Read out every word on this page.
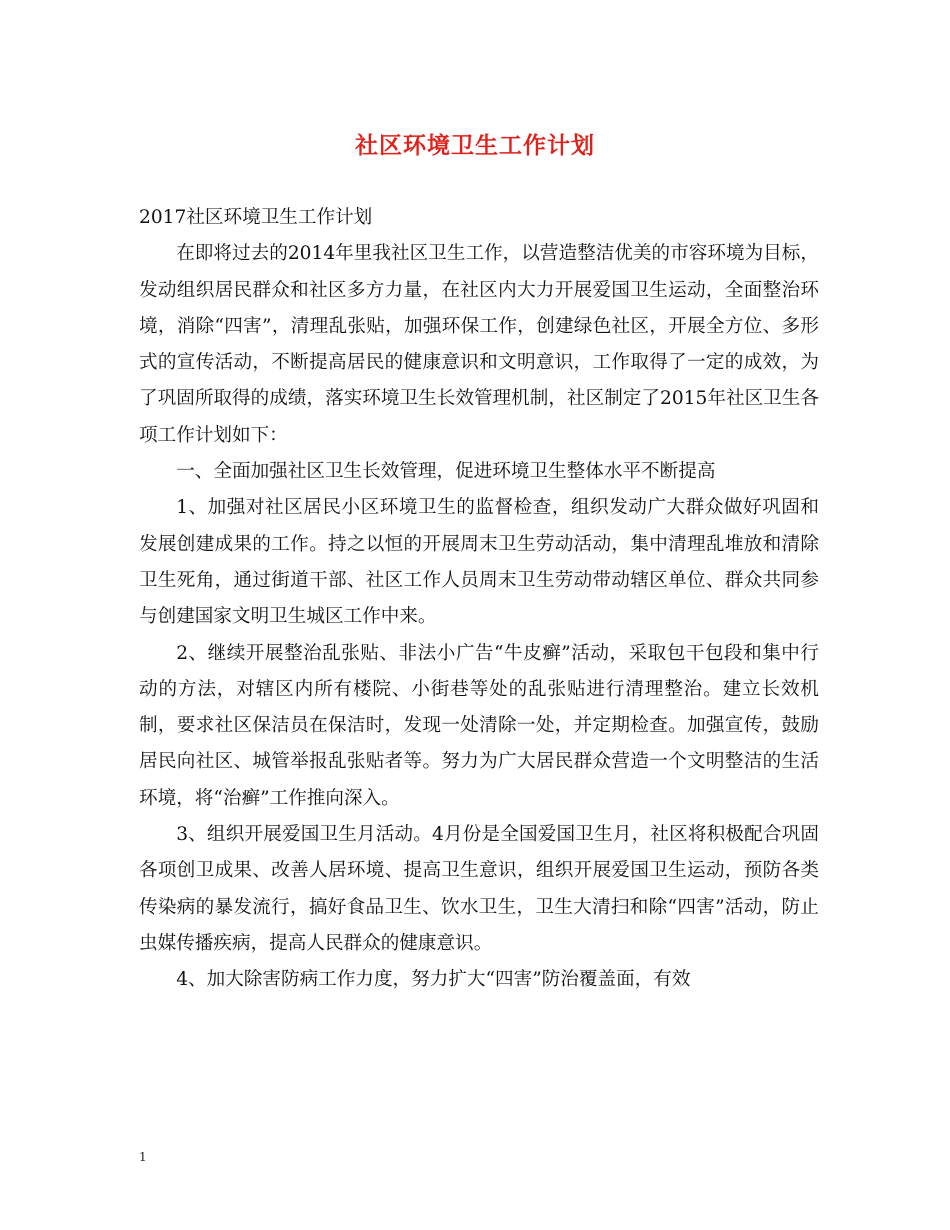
社区环境卫生工作计划

2017社区环境卫生工作计划

在即将过去的2014年里我社区卫生工作，以营造整洁优美的市容环境为目标，发动组织居民群众和社区多方力量，在社区内大力开展爱国卫生运动，全面整治环境，消除“四害”，清理乱张贴，加强环保工作，创建绿色社区，开展全方位、多形式的宣传活动，不断提高居民的健康意识和文明意识，工作取得了一定的成效，为了巩固所取得的成绩，落实环境卫生长效管理机制，社区制定了2015年社区卫生各项工作计划如下：

一、全面加强社区卫生长效管理，促进环境卫生整体水平不断提高

1、加强对社区居民小区环境卫生的监督检查，组织发动广大群众做好巩固和发展创建成果的工作。持之以恒的开展周末卫生劳动活动，集中清理乱堆放和清除卫生死角，通过街道干部、社区工作人员周末卫生劳动带动辖区单位、群众共同参与创建国家文明卫生城区工作中来。

2、继续开展整治乱张贴、非法小广告“牛皮癣”活动，采取包干包段和集中行动的方法，对辖区内所有楼院、小街巷等处的乱张贴进行清理整治。建立长效机制，要求社区保洁员在保洁时，发现一处清除一处，并定期检查。加强宣传，鼓励居民向社区、城管举报乱张贴者等。努力为广大居民群众营造一个文明整洁的生活环境，将“治癣”工作推向深入。

3、组织开展爱国卫生月活动。4月份是全国爱国卫生月，社区将积极配合巩固各项创卫成果、改善人居环境、提高卫生意识，组织开展爱国卫生运动，预防各类传染病的暴发流行，搞好食品卫生、饮水卫生，卫生大清扫和除“四害”活动，防止虫媒传播疾病，提高人民群众的健康意识。

4、加大除害防病工作力度，努力扩大“四害”防治覆盖面，有效

1
